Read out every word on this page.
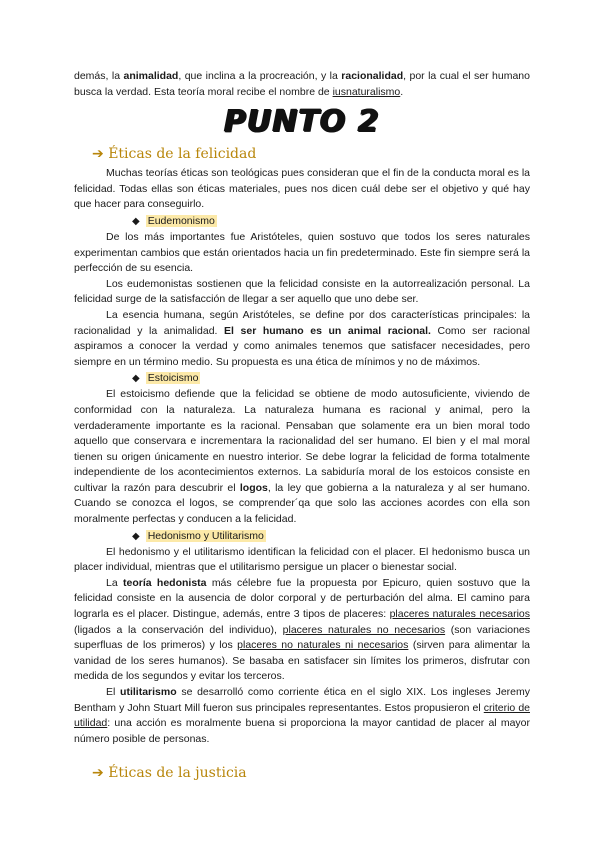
demás, la animalidad, que inclina a la procreación, y la racionalidad, por la cual el ser humano busca la verdad. Esta teoría moral recibe el nombre de iusnaturalismo.

PUNTO 2
➔ Éticas de la felicidad

Muchas teorías éticas son teológicas pues consideran que el fin de la conducta moral es la felicidad. Todas ellas son éticas materiales, pues nos dicen cuál debe ser el objetivo y qué hay que hacer para conseguirlo.

◆ Eudemonismo

De los más importantes fue Aristóteles, quien sostuvo que todos los seres naturales experimentan cambios que están orientados hacia un fin predeterminado. Este fin siempre será la perfección de su esencia.

Los eudemonistas sostienen que la felicidad consiste en la autorrealización personal. La felicidad surge de la satisfacción de llegar a ser aquello que uno debe ser.

La esencia humana, según Aristóteles, se define por dos características principales: la racionalidad y la animalidad. El ser humano es un animal racional. Como ser racional aspiramos a conocer la verdad y como animales tenemos que satisfacer necesidades, pero siempre en un término medio. Su propuesta es una ética de mínimos y no de máximos.

◆ Estoicismo

El estoicismo defiende que la felicidad se obtiene de modo autosuficiente, viviendo de conformidad con la naturaleza. La naturaleza humana es racional y animal, pero la verdaderamente importante es la racional. Pensaban que solamente era un bien moral todo aquello que conservara e incrementara la racionalidad del ser humano. El bien y el mal moral tienen su origen únicamente en nuestro interior. Se debe lograr la felicidad de forma totalmente independiente de los acontecimientos externos. La sabiduría moral de los estoicos consiste en cultivar la razón para descubrir el logos, la ley que gobierna a la naturaleza y al ser humano. Cuando se conozca el logos, se comprender´qa que solo las acciones acordes con ella son moralmente perfectas y conducen a la felicidad.

◆ Hedonismo y Utilitarismo

El hedonismo y el utilitarismo identifican la felicidad con el placer. El hedonismo busca un placer individual, mientras que el utilitarismo persigue un placer o bienestar social.

La teoría hedonista más célebre fue la propuesta por Epicuro, quien sostuvo que la felicidad consiste en la ausencia de dolor corporal y de perturbación del alma. El camino para lograrla es el placer. Distingue, además, entre 3 tipos de placeres: placeres naturales necesarios (ligados a la conservación del individuo), placeres naturales no necesarios (son variaciones superfluas de los primeros) y los placeres no naturales ni necesarios (sirven para alimentar la vanidad de los seres humanos). Se basaba en satisfacer sin límites los primeros, disfrutar con medida de los segundos y evitar los terceros.

El utilitarismo se desarrolló como corriente ética en el siglo XIX. Los ingleses Jeremy Bentham y John Stuart Mill fueron sus principales representantes. Estos propusieron el criterio de utilidad: una acción es moralmente buena si proporciona la mayor cantidad de placer al mayor número posible de personas.

➔ Éticas de la justicia
